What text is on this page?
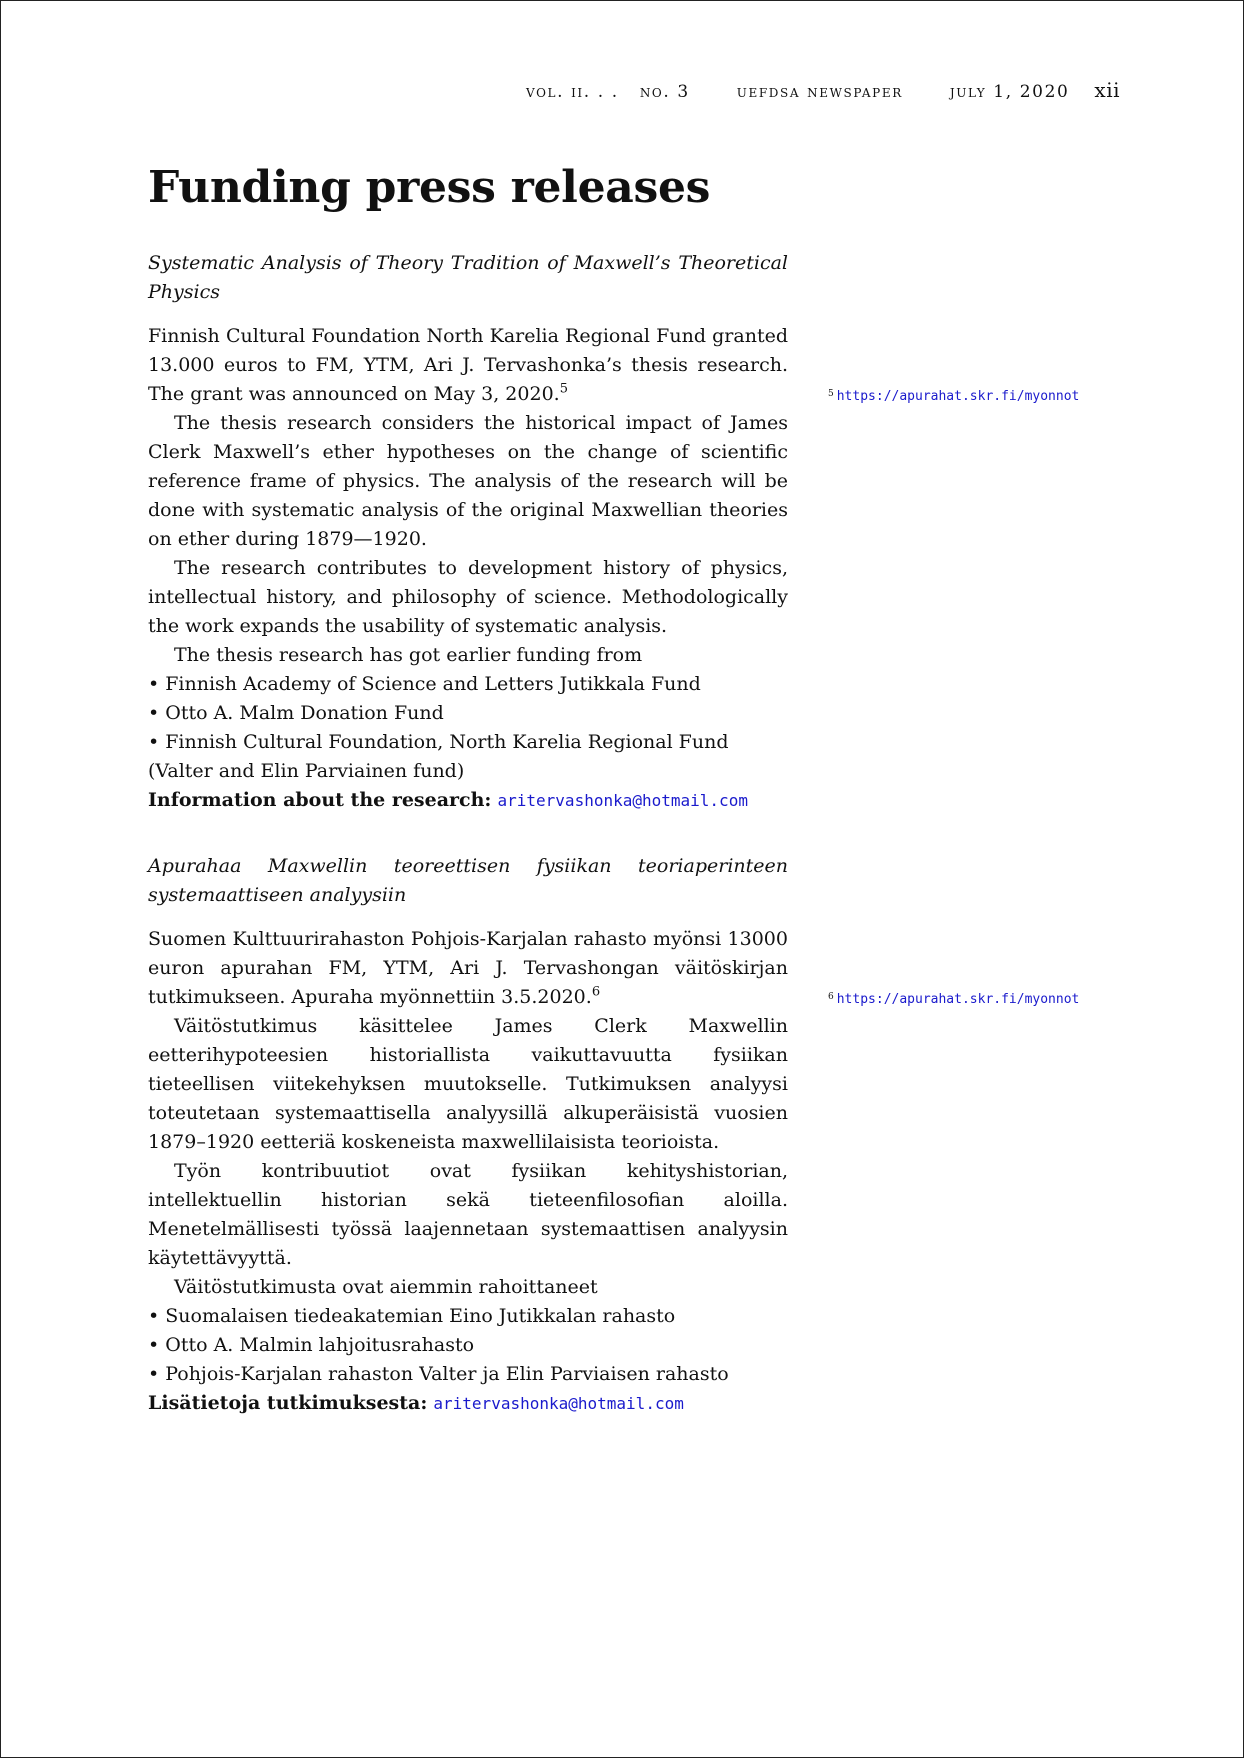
vol. ii. . . no. 3	uefdsa newspaper	july 1, 2020 xii
Funding press releases

Systematic Analysis of Theory Tradition of Maxwell’s Theoretical Physics

Finnish Cultural Foundation North Karelia Regional Fund granted 13.000 euros to FM, YTM, Ari J. Tervashonka’s thesis research. The grant was announced on May 3, 2020.$^5$

The thesis research considers the historical impact of James Clerk Maxwell’s ether hypotheses on the change of scientific reference frame of physics. The analysis of the research will be done with systematic analysis of the original Maxwellian theories on ether during 1879—1920.

The research contributes to development history of physics, intellectual history, and philosophy of science. Methodologically the work expands the usability of systematic analysis.

The thesis research has got earlier funding from

• Finnish Academy of Science and Letters Jutikkala Fund

• Otto A. Malm Donation Fund

• Finnish Cultural Foundation, North Karelia Regional Fund (Valter and Elin Parviainen fund)

Information about the research: aritervashonka@hotmail.com

$^5$ https://apurahat.skr.fi/myonnot

Apurahaa Maxwellin teoreettisen fysiikan teoriaperinteen systemaattiseen analyysiin

Suomen Kulttuurirahaston Pohjois-Karjalan rahasto myönsi 13000 euron apurahan FM, YTM, Ari J. Tervashongan väitöskirjan tutkimukseen. Apuraha myönnettiin 3.5.2020.$^6$

Väitöstutkimus käsittelee James Clerk Maxwellin eetterihypoteesien historiallista vaikuttavuutta fysiikan tieteellisen viitekehyksen muutokselle. Tutkimuksen analyysi toteutetaan systemaattisella analyysillä alkuperäisistä vuosien 1879–1920 eetteriä koskeneista maxwellilaisista teorioista.

Työn kontribuutiot ovat fysiikan kehityshistorian, intellektuellin historian sekä tieteenfilosofian aloilla. Menetelmällisesti työssä laajennetaan systemaattisen analyysin käytettävyyttä.

Väitöstutkimusta ovat aiemmin rahoittaneet

• Suomalaisen tiedeakatemian Eino Jutikkalan rahasto

• Otto A. Malmin lahjoitusrahasto

• Pohjois-Karjalan rahaston Valter ja Elin Parviaisen rahasto

Lisätietoja tutkimuksesta: aritervashonka@hotmail.com

$^6$ https://apurahat.skr.fi/myonnot
